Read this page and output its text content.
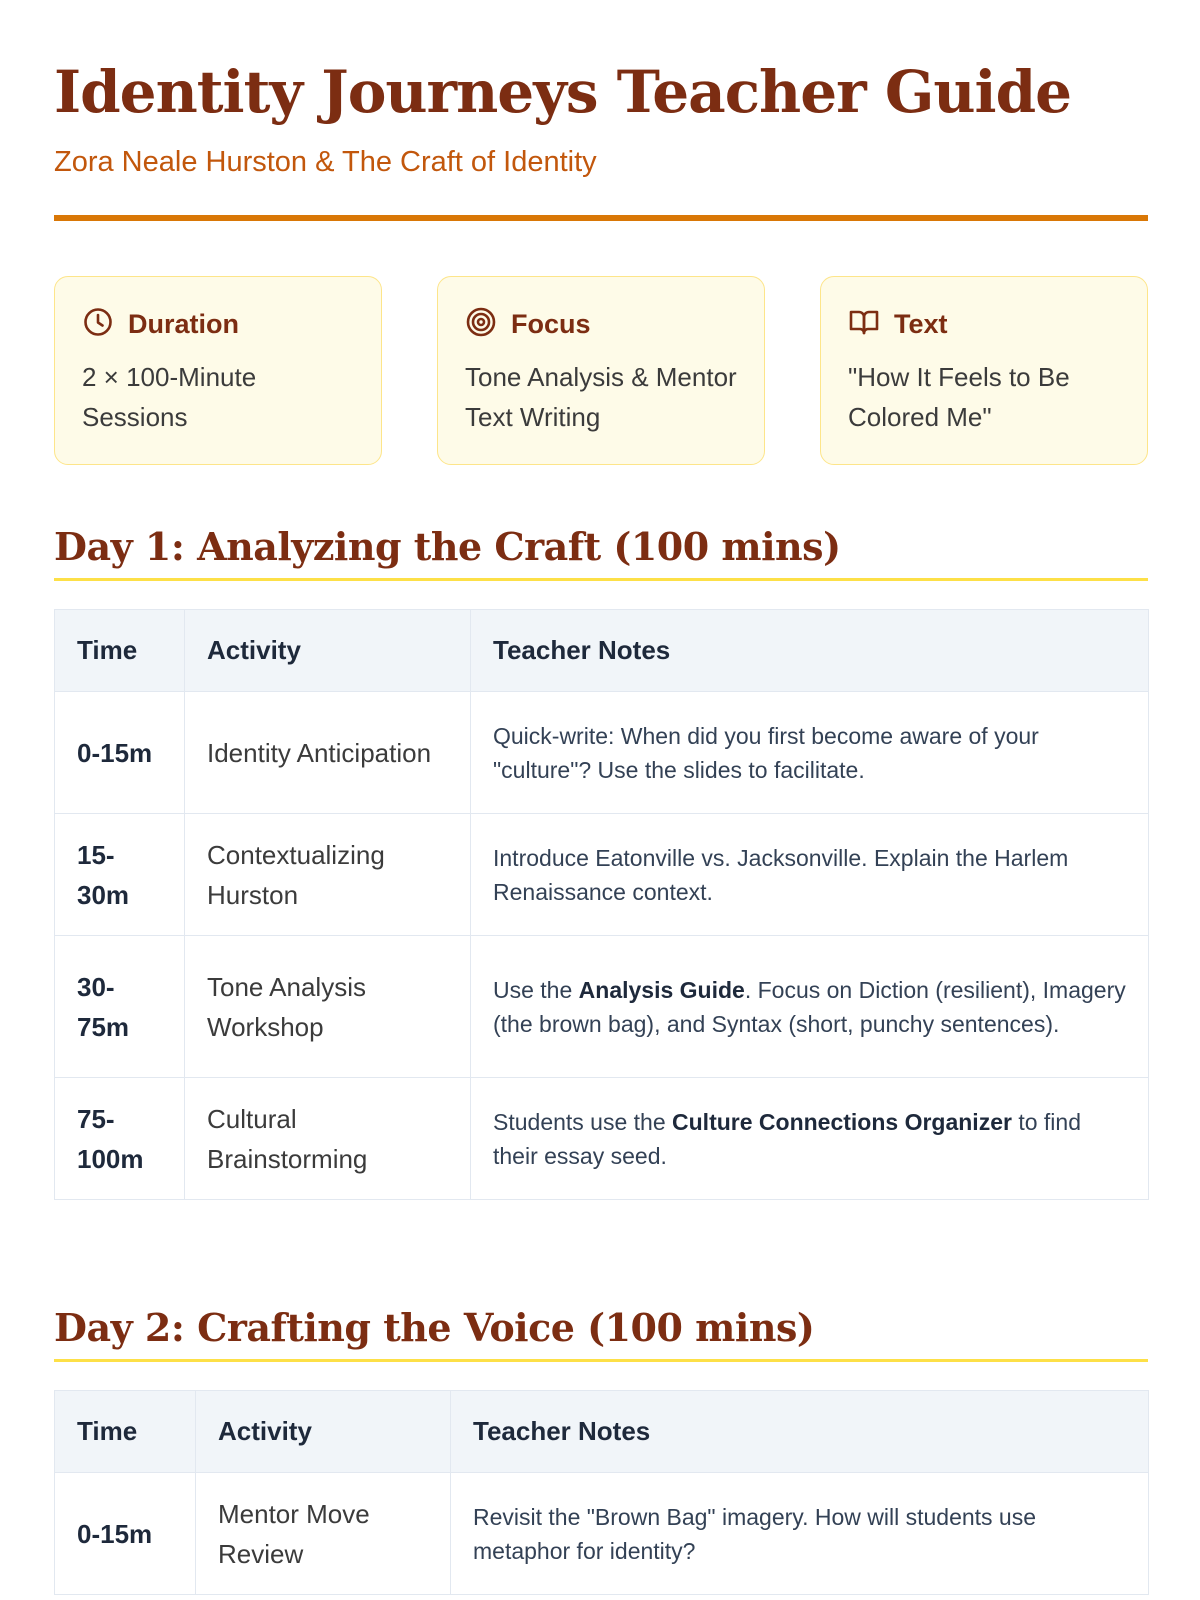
Identity Journeys Teacher Guide
Zora Neale Hurston & The Craft of Identity
Duration
2 × 100-Minute Sessions
Focus
Tone Analysis & Mentor Text Writing
Text
"How It Feels to Be Colored Me"
Day 1: Analyzing the Craft (100 mins)
Time	Activity	Teacher Notes
0-15m	Identity Anticipation	Quick-write: When did you first become aware of your "culture"? Use the slides to facilitate.
15-30m	Contextualizing Hurston	Introduce Eatonville vs. Jacksonville. Explain the Harlem Renaissance context.
30-75m	Tone Analysis Workshop	Use the Analysis Guide. Focus on Diction (resilient), Imagery (the brown bag), and Syntax (short, punchy sentences).
75-100m	Cultural Brainstorming	Students use the Culture Connections Organizer to find their essay seed.
Day 2: Crafting the Voice (100 mins)
Time	Activity	Teacher Notes
0-15m	Mentor Move Review	Revisit the "Brown Bag" imagery. How will students use metaphor for identity?
